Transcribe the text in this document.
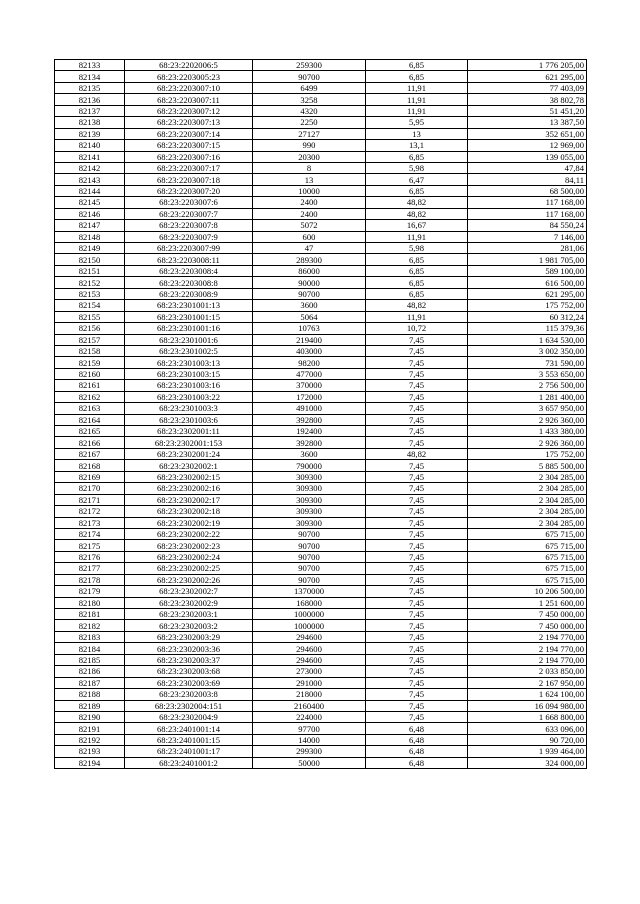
82133	68:23:2202006:5	259300	6,85	1 776 205,00
82134	68:23:2203005:23	90700	6,85	621 295,00
82135	68:23:2203007:10	6499	11,91	77 403,09
82136	68:23:2203007:11	3258	11,91	38 802,78
82137	68:23:2203007:12	4320	11,91	51 451,20
82138	68:23:2203007:13	2250	5,95	13 387,50
82139	68:23:2203007:14	27127	13	352 651,00
82140	68:23:2203007:15	990	13,1	12 969,00
82141	68:23:2203007:16	20300	6,85	139 055,00
82142	68:23:2203007:17	8	5,98	47,84
82143	68:23:2203007:18	13	6,47	84,11
82144	68:23:2203007:20	10000	6,85	68 500,00
82145	68:23:2203007:6	2400	48,82	117 168,00
82146	68:23:2203007:7	2400	48,82	117 168,00
82147	68:23:2203007:8	5072	16,67	84 550,24
82148	68:23:2203007:9	600	11,91	7 146,00
82149	68:23:2203007:99	47	5,98	281,06
82150	68:23:2203008:11	289300	6,85	1 981 705,00
82151	68:23:2203008:4	86000	6,85	589 100,00
82152	68:23:2203008:8	90000	6,85	616 500,00
82153	68:23:2203008:9	90700	6,85	621 295,00
82154	68:23:2301001:13	3600	48,82	175 752,00
82155	68:23:2301001:15	5064	11,91	60 312,24
82156	68:23:2301001:16	10763	10,72	115 379,36
82157	68:23:2301001:6	219400	7,45	1 634 530,00
82158	68:23:2301002:5	403000	7,45	3 002 350,00
82159	68:23:2301003:13	98200	7,45	731 590,00
82160	68:23:2301003:15	477000	7,45	3 553 650,00
82161	68:23:2301003:16	370000	7,45	2 756 500,00
82162	68:23:2301003:22	172000	7,45	1 281 400,00
82163	68:23:2301003:3	491000	7,45	3 657 950,00
82164	68:23:2301003:6	392800	7,45	2 926 360,00
82165	68:23:2302001:11	192400	7,45	1 433 380,00
82166	68:23:2302001:153	392800	7,45	2 926 360,00
82167	68:23:2302001:24	3600	48,82	175 752,00
82168	68:23:2302002:1	790000	7,45	5 885 500,00
82169	68:23:2302002:15	309300	7,45	2 304 285,00
82170	68:23:2302002:16	309300	7,45	2 304 285,00
82171	68:23:2302002:17	309300	7,45	2 304 285,00
82172	68:23:2302002:18	309300	7,45	2 304 285,00
82173	68:23:2302002:19	309300	7,45	2 304 285,00
82174	68:23:2302002:22	90700	7,45	675 715,00
82175	68:23:2302002:23	90700	7,45	675 715,00
82176	68:23:2302002:24	90700	7,45	675 715,00
82177	68:23:2302002:25	90700	7,45	675 715,00
82178	68:23:2302002:26	90700	7,45	675 715,00
82179	68:23:2302002:7	1370000	7,45	10 206 500,00
82180	68:23:2302002:9	168000	7,45	1 251 600,00
82181	68:23:2302003:1	1000000	7,45	7 450 000,00
82182	68:23:2302003:2	1000000	7,45	7 450 000,00
82183	68:23:2302003:29	294600	7,45	2 194 770,00
82184	68:23:2302003:36	294600	7,45	2 194 770,00
82185	68:23:2302003:37	294600	7,45	2 194 770,00
82186	68:23:2302003:68	273000	7,45	2 033 850,00
82187	68:23:2302003:69	291000	7,45	2 167 950,00
82188	68:23:2302003:8	218000	7,45	1 624 100,00
82189	68:23:2302004:151	2160400	7,45	16 094 980,00
82190	68:23:2302004:9	224000	7,45	1 668 800,00
82191	68:23:2401001:14	97700	6,48	633 096,00
82192	68:23:2401001:15	14000	6,48	90 720,00
82193	68:23:2401001:17	299300	6,48	1 939 464,00
82194	68:23:2401001:2	50000	6,48	324 000,00
